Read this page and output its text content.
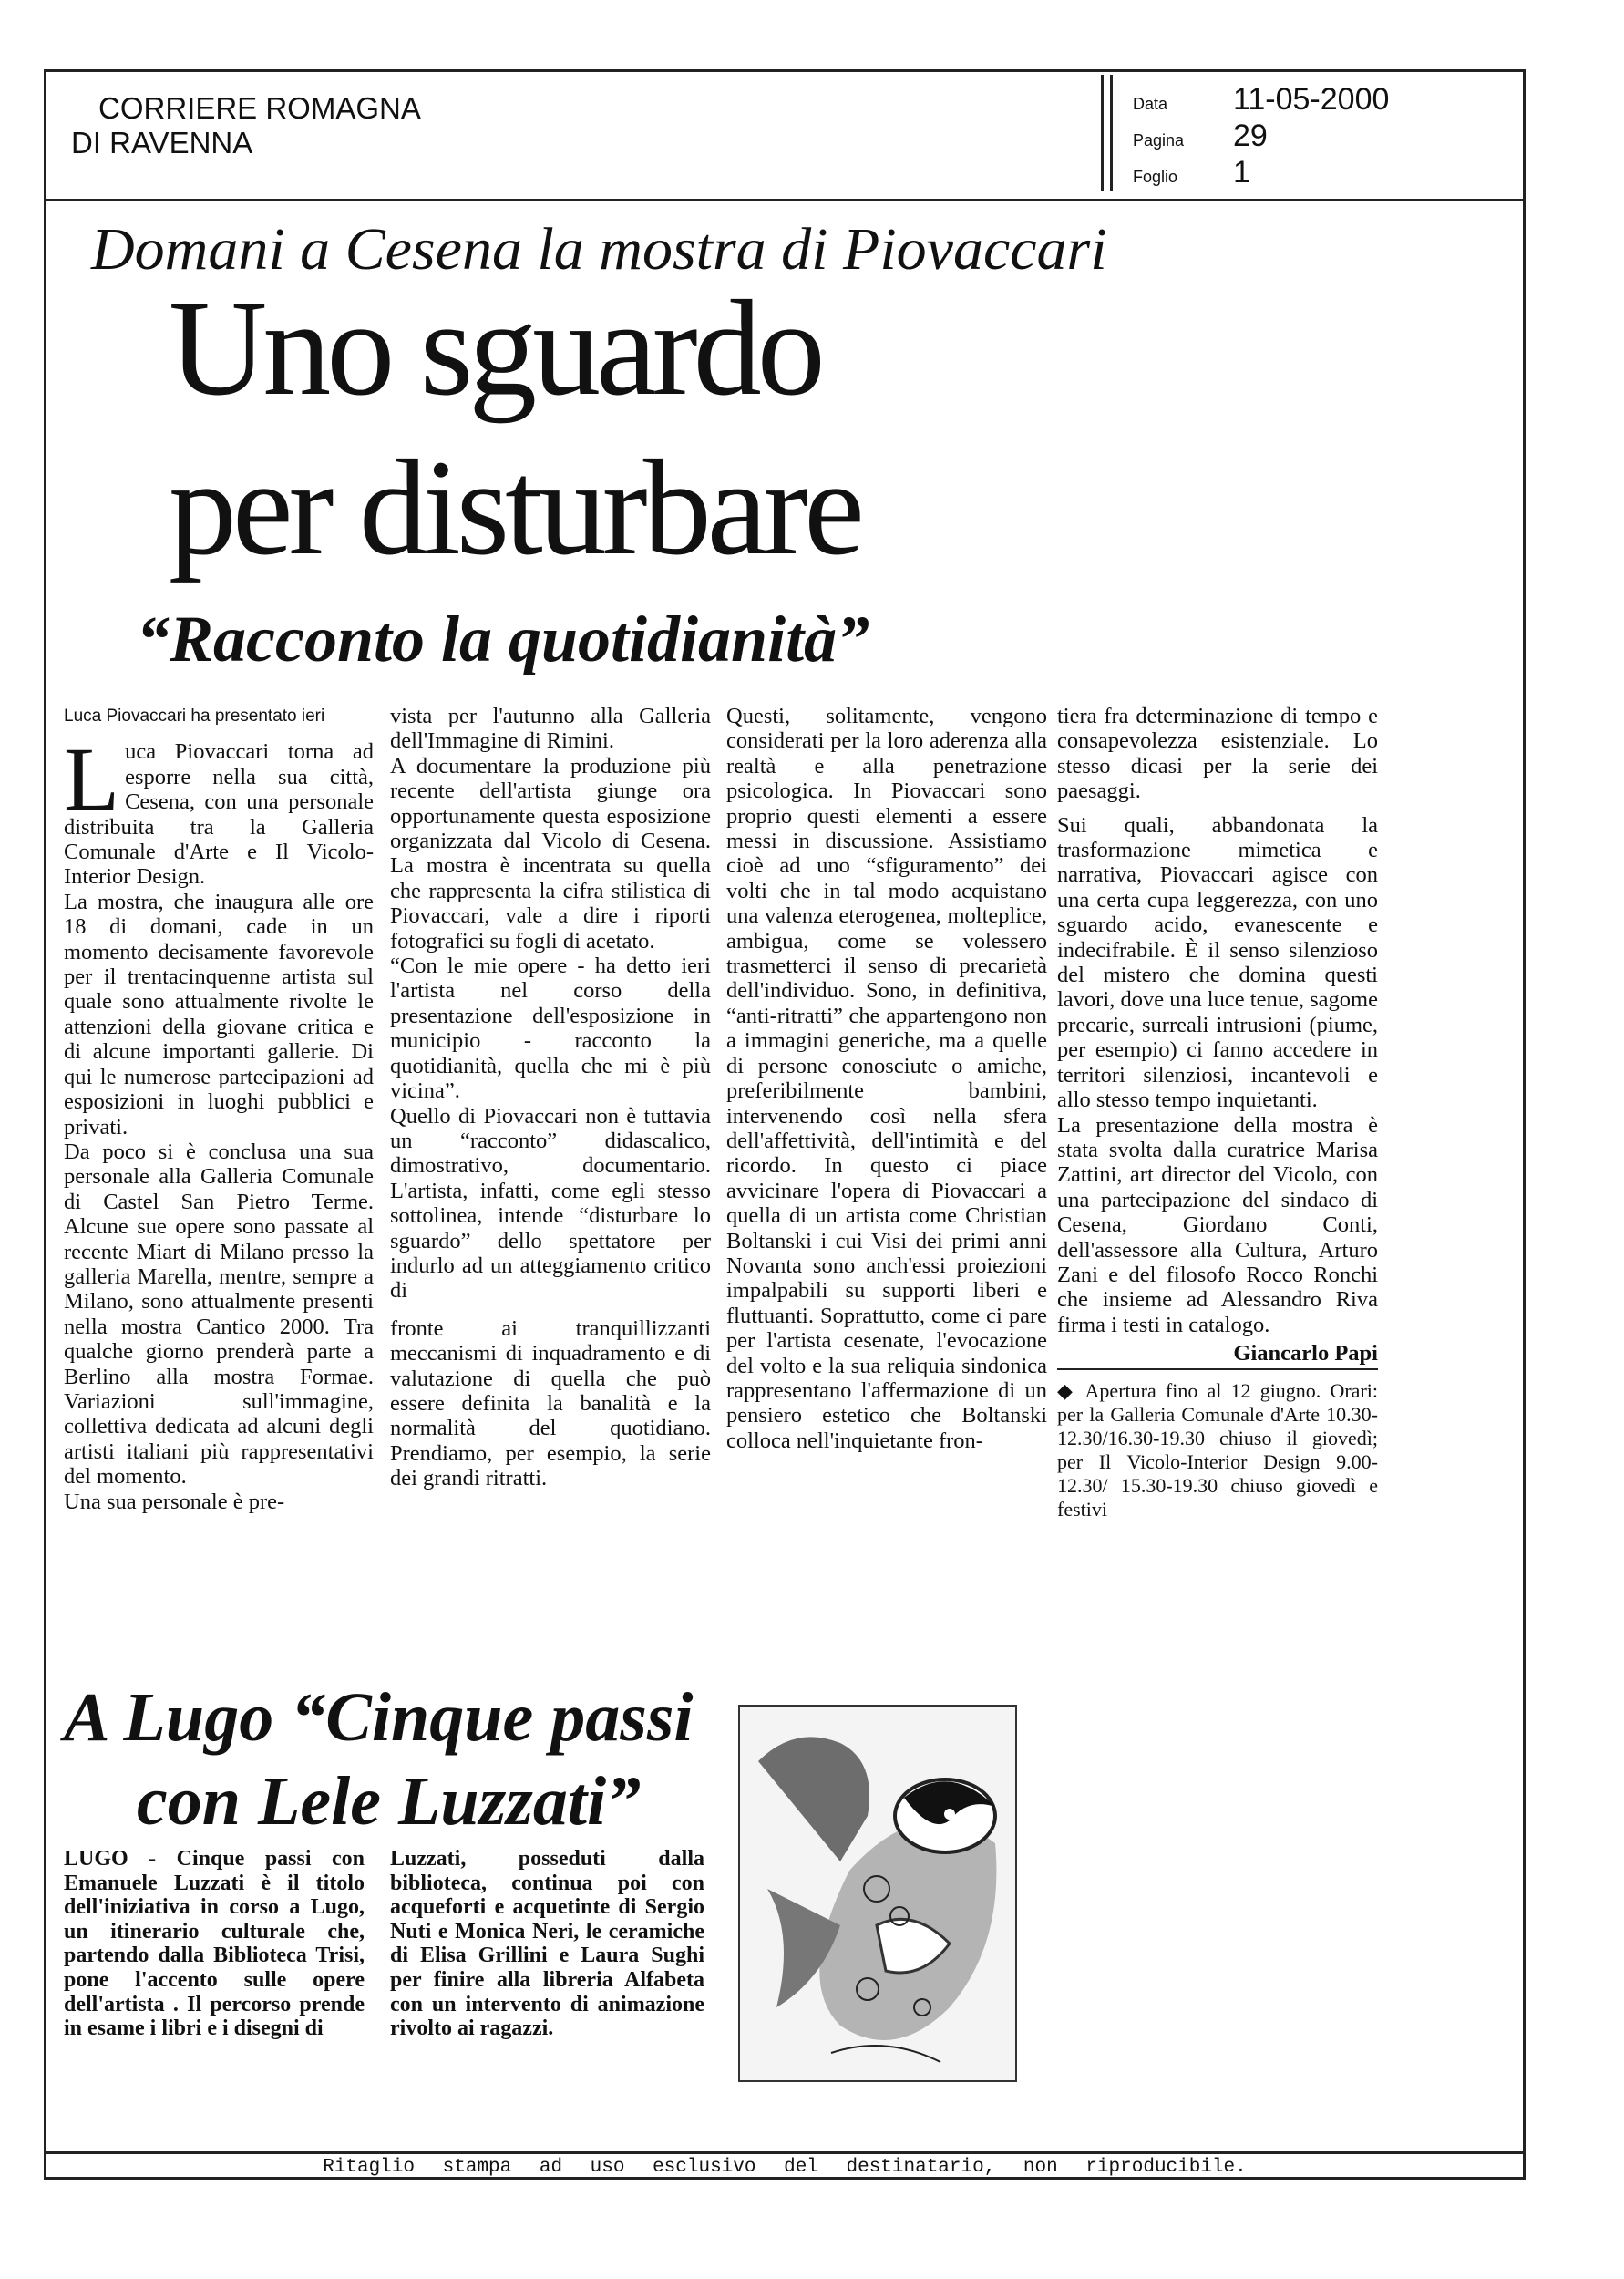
CORRIERE ROMAGNA
DI RAVENNA
Data 11-05-2000
Pagina 29
Foglio 1
Domani a Cesena la mostra di Piovaccari
Uno sguardo
per disturbare
“Racconto la quotidianità”
Luca Piovaccari ha presentato ieri
L uca Piovaccari torna ad esporre nella sua città, Cesena, con una personale distribuita tra la Galleria Comunale d'Arte e Il Vicolo-Interior Design.

La mostra, che inaugura alle ore 18 di domani, cade in un momento decisamente favorevole per il trentacinquenne artista sul quale sono attualmente rivolte le attenzioni della giovane critica e di alcune importanti gallerie. Di qui le numerose partecipazioni ad esposizioni in luoghi pubblici e privati.

Da poco si è conclusa una sua personale alla Galleria Comunale di Castel San Pietro Terme. Alcune sue opere sono passate al recente Miart di Milano presso la galleria Marella, mentre, sempre a Milano, sono attualmente presenti nella mostra Cantico 2000. Tra qualche giorno prenderà parte a Berlino alla mostra Formae. Variazioni sull'immagine, collettiva dedicata ad alcuni degli artisti italiani più rappresentativi del momento.

Una sua personale è pre-

vista per l'autunno alla Galleria dell'Immagine di Rimini.

A documentare la produzione più recente dell'artista giunge ora opportunamente questa esposizione organizzata dal Vicolo di Cesena. La mostra è incentrata su quella che rappresenta la cifra stilistica di Piovaccari, vale a dire i riporti fotografici su fogli di acetato.

“Con le mie opere - ha detto ieri l'artista nel corso della presentazione dell'esposizione in municipio - racconto la quotidianità, quella che mi è più vicina”.

Quello di Piovaccari non è tuttavia un “racconto” didascalico, dimostrativo, documentario. L'artista, infatti, come egli stesso sottolinea, intende “disturbare lo sguardo” dello spettatore per indurlo ad un atteggiamento critico di

fronte ai tranquillizzanti meccanismi di inquadramento e di valutazione di quella che può essere definita la banalità e la normalità del quotidiano. Prendiamo, per esempio, la serie dei grandi ritratti.

Questi, solitamente, vengono considerati per la loro aderenza alla realtà e alla penetrazione psicologica. In Piovaccari sono proprio questi elementi a essere messi in discussione. Assistiamo cioè ad uno “sfiguramento” dei volti che in tal modo acquistano una valenza eterogenea, molteplice, ambigua, come se volessero trasmetterci il senso di precarietà dell'individuo. Sono, in definitiva, “anti-ritratti” che appartengono non a immagini generiche, ma a quelle di persone conosciute o amiche, preferibilmente bambini, intervenendo così nella sfera dell'affettività, dell'intimità e del ricordo. In questo ci piace avvicinare l'opera di Piovaccari a quella di un artista come Christian Boltanski i cui Visi dei primi anni Novanta sono anch'essi proiezioni impalpabili su supporti liberi e fluttuanti. Soprattutto, come ci pare per l'artista cesenate, l'evocazione del volto e la sua reliquia sindonica rappresentano l'affermazione di un pensiero estetico che Boltanski colloca nell'inquietante fron-

tiera fra determinazione di tempo e consapevolezza esistenziale. Lo stesso dicasi per la serie dei paesaggi.

Sui quali, abbandonata la trasformazione mimetica e narrativa, Piovaccari agisce con una certa cupa leggerezza, con uno sguardo acido, evanescente e indecifrabile. È il senso silenzioso del mistero che domina questi lavori, dove una luce tenue, sagome precarie, surreali intrusioni (piume, per esempio) ci fanno accedere in territori silenziosi, incantevoli e allo stesso tempo inquietanti.

La presentazione della mostra è stata svolta dalla curatrice Marisa Zattini, art director del Vicolo, con una partecipazione del sindaco di Cesena, Giordano Conti, dell'assessore alla Cultura, Arturo Zani e del filosofo Rocco Ronchi che insieme ad Alessandro Riva firma i testi in catalogo.

Giancarlo Papi
◆ Apertura fino al 12 giugno. Orari: per la Galleria Comunale d'Arte 10.30-12.30/16.30-19.30 chiuso il giovedì; per Il Vicolo-Interior Design 9.00-12.30/ 15.30-19.30 chiuso giovedì e festivi
A Lugo “Cinque passi
con Lele Luzzati”
LUGO - Cinque passi con Emanuele Luzzati è il titolo dell'iniziativa in corso a Lugo, un itinerario culturale che, partendo dalla Biblioteca Trisi, pone l'accento sulle opere dell'artista . Il percorso prende in esame i libri e i disegni di
Luzzati, posseduti dalla biblioteca, continua poi con acqueforti e acquetinte di Sergio Nuti e Monica Neri, le ceramiche di Elisa Grillini e Laura Sughi per finire alla libreria Alfabeta con un intervento di animazione rivolto ai ragazzi.
Ritaglio stampa ad uso esclusivo del destinatario, non riproducibile.
